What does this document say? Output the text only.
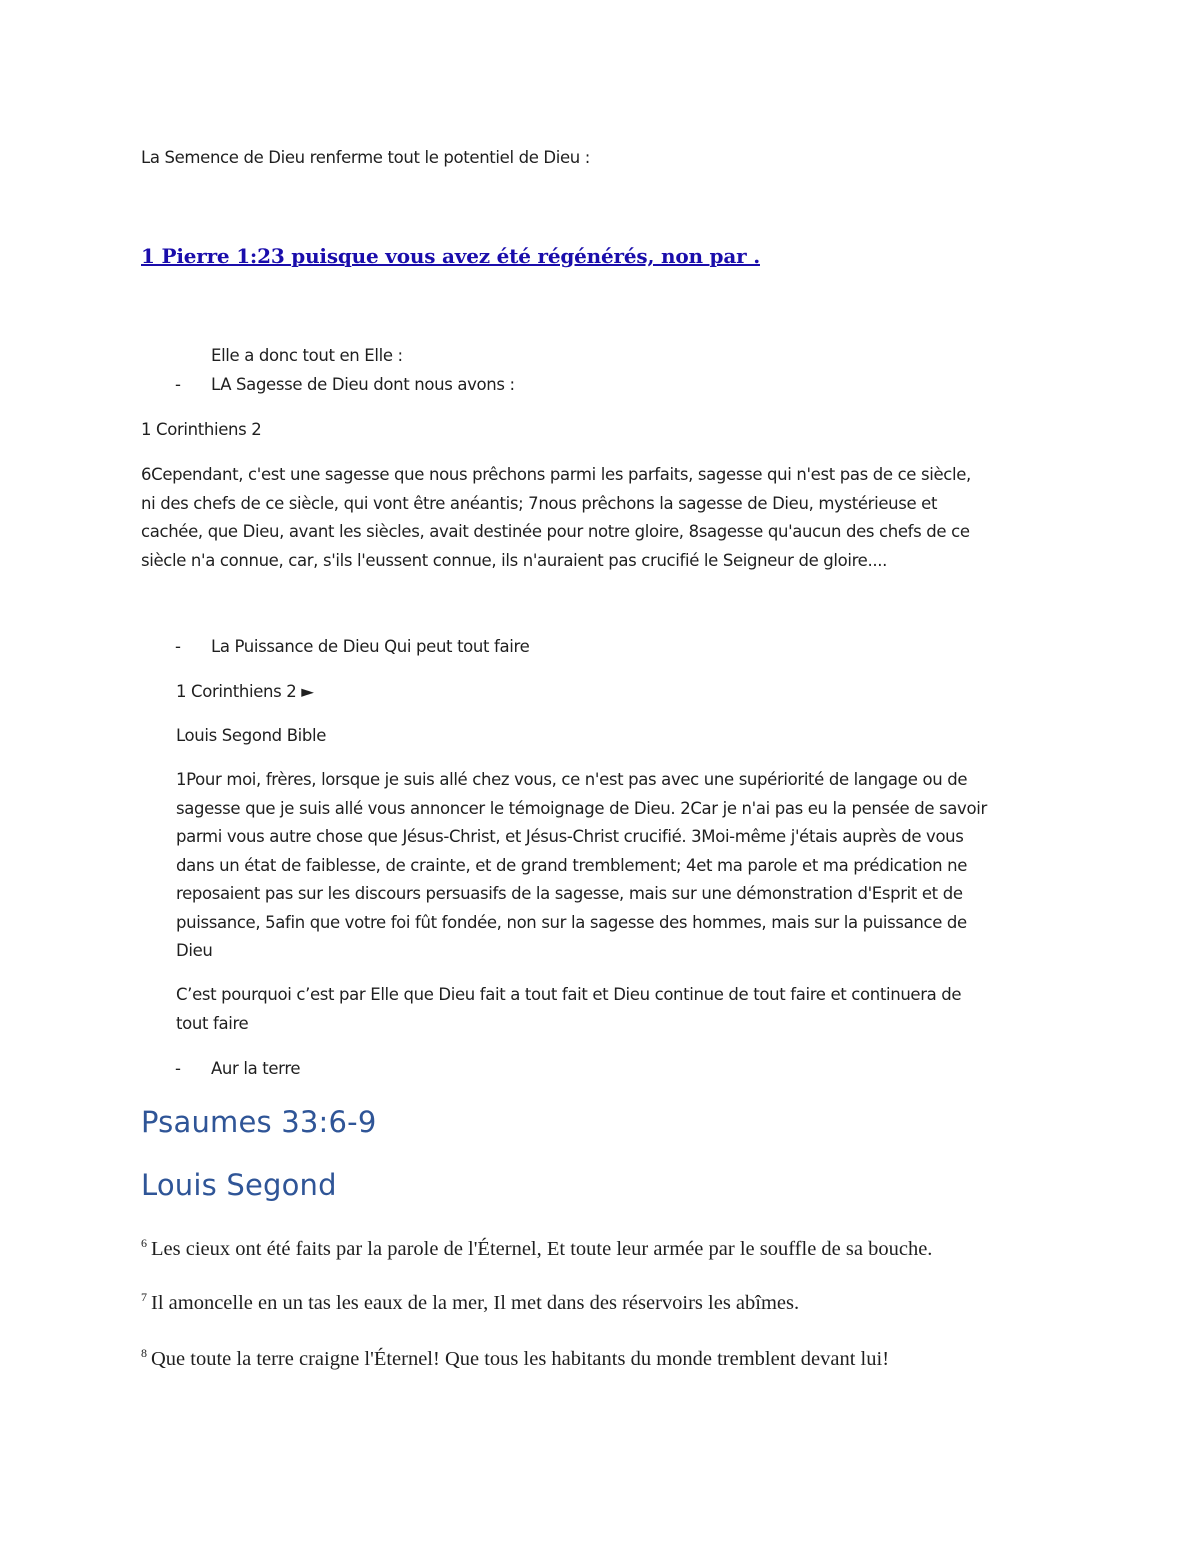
La Semence de Dieu renferme tout le potentiel de Dieu :
1 Pierre 1:23 puisque vous avez été régénérés, non par .
Elle a donc tout en Elle :
- LA Sagesse de Dieu dont nous avons :
1 Corinthiens 2
6Cependant, c'est une sagesse que nous prêchons parmi les parfaits, sagesse qui n'est pas de ce siècle,
ni des chefs de ce siècle, qui vont être anéantis; 7nous prêchons la sagesse de Dieu, mystérieuse et
cachée, que Dieu, avant les siècles, avait destinée pour notre gloire, 8sagesse qu'aucun des chefs de ce
siècle n'a connue, car, s'ils l'eussent connue, ils n'auraient pas crucifié le Seigneur de gloire....
- La Puissance de Dieu Qui peut tout faire
1 Corinthiens 2 ►
Louis Segond Bible
1Pour moi, frères, lorsque je suis allé chez vous, ce n'est pas avec une supériorité de langage ou de
sagesse que je suis allé vous annoncer le témoignage de Dieu. 2Car je n'ai pas eu la pensée de savoir
parmi vous autre chose que Jésus-Christ, et Jésus-Christ crucifié. 3Moi-même j'étais auprès de vous
dans un état de faiblesse, de crainte, et de grand tremblement; 4et ma parole et ma prédication ne
reposaient pas sur les discours persuasifs de la sagesse, mais sur une démonstration d'Esprit et de
puissance, 5afin que votre foi fût fondée, non sur la sagesse des hommes, mais sur la puissance de
Dieu
C’est pourquoi c’est par Elle que Dieu fait a tout fait et Dieu continue de tout faire et continuera de
tout faire
- Aur la terre
Psaumes 33:6-9
Louis Segond
$^6$ Les cieux ont été faits par la parole de l'Éternel, Et toute leur armée par le souffle de sa bouche.
$^7$ Il amoncelle en un tas les eaux de la mer, Il met dans des réservoirs les abîmes.
$^8$ Que toute la terre craigne l'Éternel! Que tous les habitants du monde tremblent devant lui!
